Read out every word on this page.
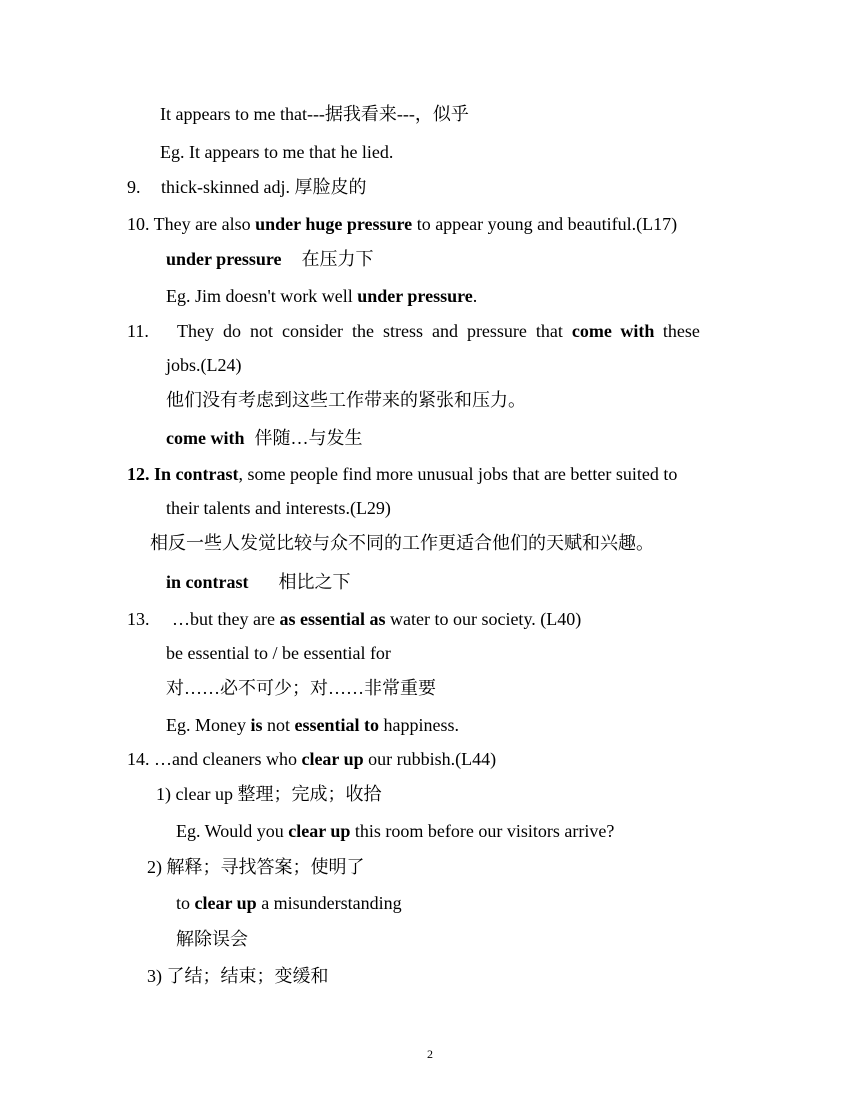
It appears to me that---据我看来---，似乎
Eg. It appears to me that he lied.
9. thick-skinned adj. 厚脸皮的
10. They are also under huge pressure to appear young and beautiful.(L17)
under pressure 在压力下
Eg. Jim doesn't work well under pressure.
11. They do not consider the stress and pressure that come with these
jobs.(L24)
他们没有考虑到这些工作带来的紧张和压力。
come with 伴随…与发生
12. In contrast, some people find more unusual jobs that are better suited to
their talents and interests.(L29)
相反一些人发觉比较与众不同的工作更适合他们的天赋和兴趣。
in contrast 相比之下
13. …but they are as essential as water to our society. (L40)
be essential to / be essential for
对……必不可少；对……非常重要
Eg. Money is not essential to happiness.
14. …and cleaners who clear up our rubbish.(L44)
1) clear up 整理；完成；收拾
Eg. Would you clear up this room before our visitors arrive?
2) 解释；寻找答案；使明了
to clear up a misunderstanding
解除误会
3) 了结；结束；变缓和
2
